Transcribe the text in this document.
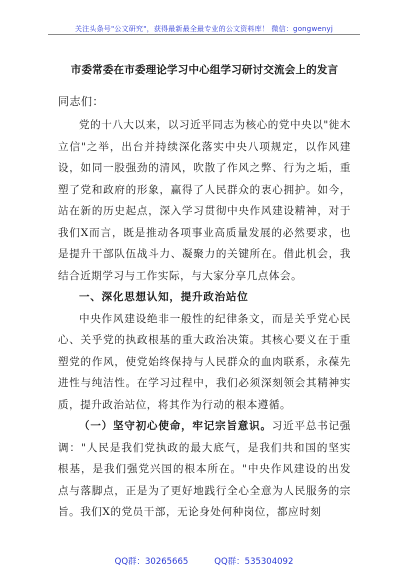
关注头条号"公文研究"，获得最新最全最专业的公文资料库！ 微信：gongwenyj
市委常委在市委理论学习中心组学习研讨交流会上的发言
同志们：

党的十八大以来，以习近平同志为核心的党中央以"徙木立信"之举，出台并持续深化落实中央八项规定，以作风建设，如同一股强劲的清风，吹散了作风之弊、行为之垢，重塑了党和政府的形象，赢得了人民群众的衷心拥护。如今，站在新的历史起点，深入学习贯彻中央作风建设精神，对于我们X而言，既是推动各项事业高质量发展的必然要求，也是提升干部队伍战斗力、凝聚力的关键所在。借此机会，我结合近期学习与工作实际，与大家分享几点体会。

一、深化思想认知，提升政治站位

中央作风建设绝非一般性的纪律条文，而是关乎党心民心、关乎党的执政根基的重大政治决策。其核心要义在于重塑党的作风，使党始终保持与人民群众的血肉联系，永葆先进性与纯洁性。在学习过程中，我们必须深刻领会其精神实质，提升政治站位，将其作为行动的根本遵循。

（一）坚守初心使命，牢记宗旨意识。习近平总书记强调："人民是我们党执政的最大底气，是我们共和国的坚实根基，是我们强党兴国的根本所在。"中央作风建设的出发点与落脚点，正是为了更好地践行全心全意为人民服务的宗旨。我们X的党员干部，无论身处何种岗位，都应时刻

QQ群：30265665	QQ群：535304092
